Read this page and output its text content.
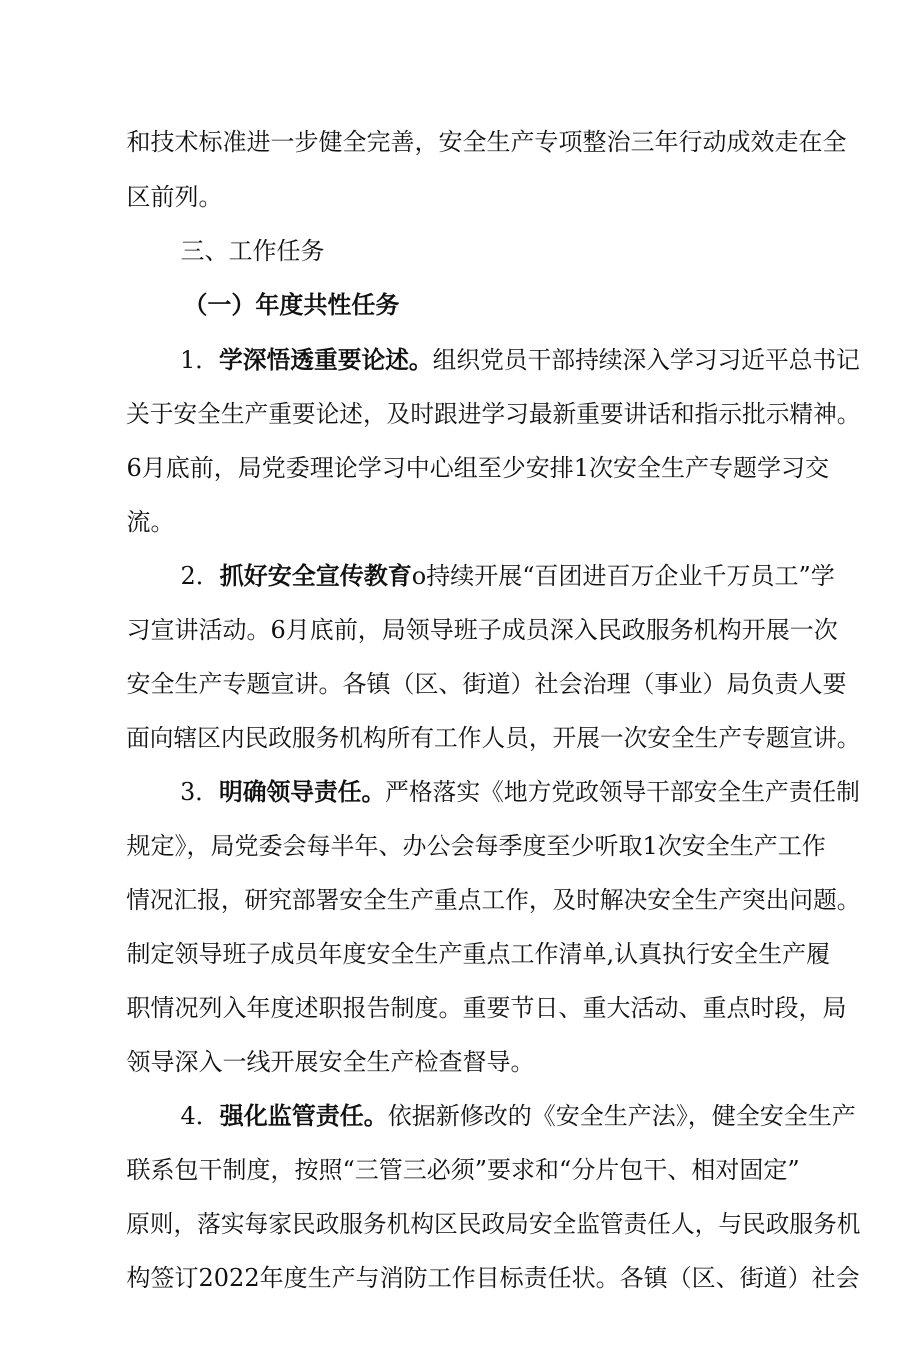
和技术标准进一步健全完善，安全生产专项整治三年行动成效走在全

区前列。

三、工作任务

（一）年度共性任务

1．学深悟透重要论述。组织党员干部持续深入学习习近平总书记

关于安全生产重要论述，及时跟进学习最新重要讲话和指示批示精神。

6月底前，局党委理论学习中心组至少安排1次安全生产专题学习交

流。

2．抓好安全宣传教育o持续开展“百团进百万企业千万员工”学

习宣讲活动。6月底前，局领导班子成员深入民政服务机构开展一次

安全生产专题宣讲。各镇（区、街道）社会治理（事业）局负责人要

面向辖区内民政服务机构所有工作人员，开展一次安全生产专题宣讲。

3．明确领导责任。严格落实《地方党政领导干部安全生产责任制

规定》，局党委会每半年、办公会每季度至少听取1次安全生产工作

情况汇报，研究部署安全生产重点工作，及时解决安全生产突出问题。

制定领导班子成员年度安全生产重点工作清单,认真执行安全生产履

职情况列入年度述职报告制度。重要节日、重大活动、重点时段，局

领导深入一线开展安全生产检查督导。

4．强化监管责任。依据新修改的《安全生产法》，健全安全生产

联系包干制度，按照“三管三必须”要求和“分片包干、相对固定”

原则，落实每家民政服务机构区民政局安全监管责任人，与民政服务机

构签订2022年度生产与消防工作目标责任状。各镇（区、街道）社会
